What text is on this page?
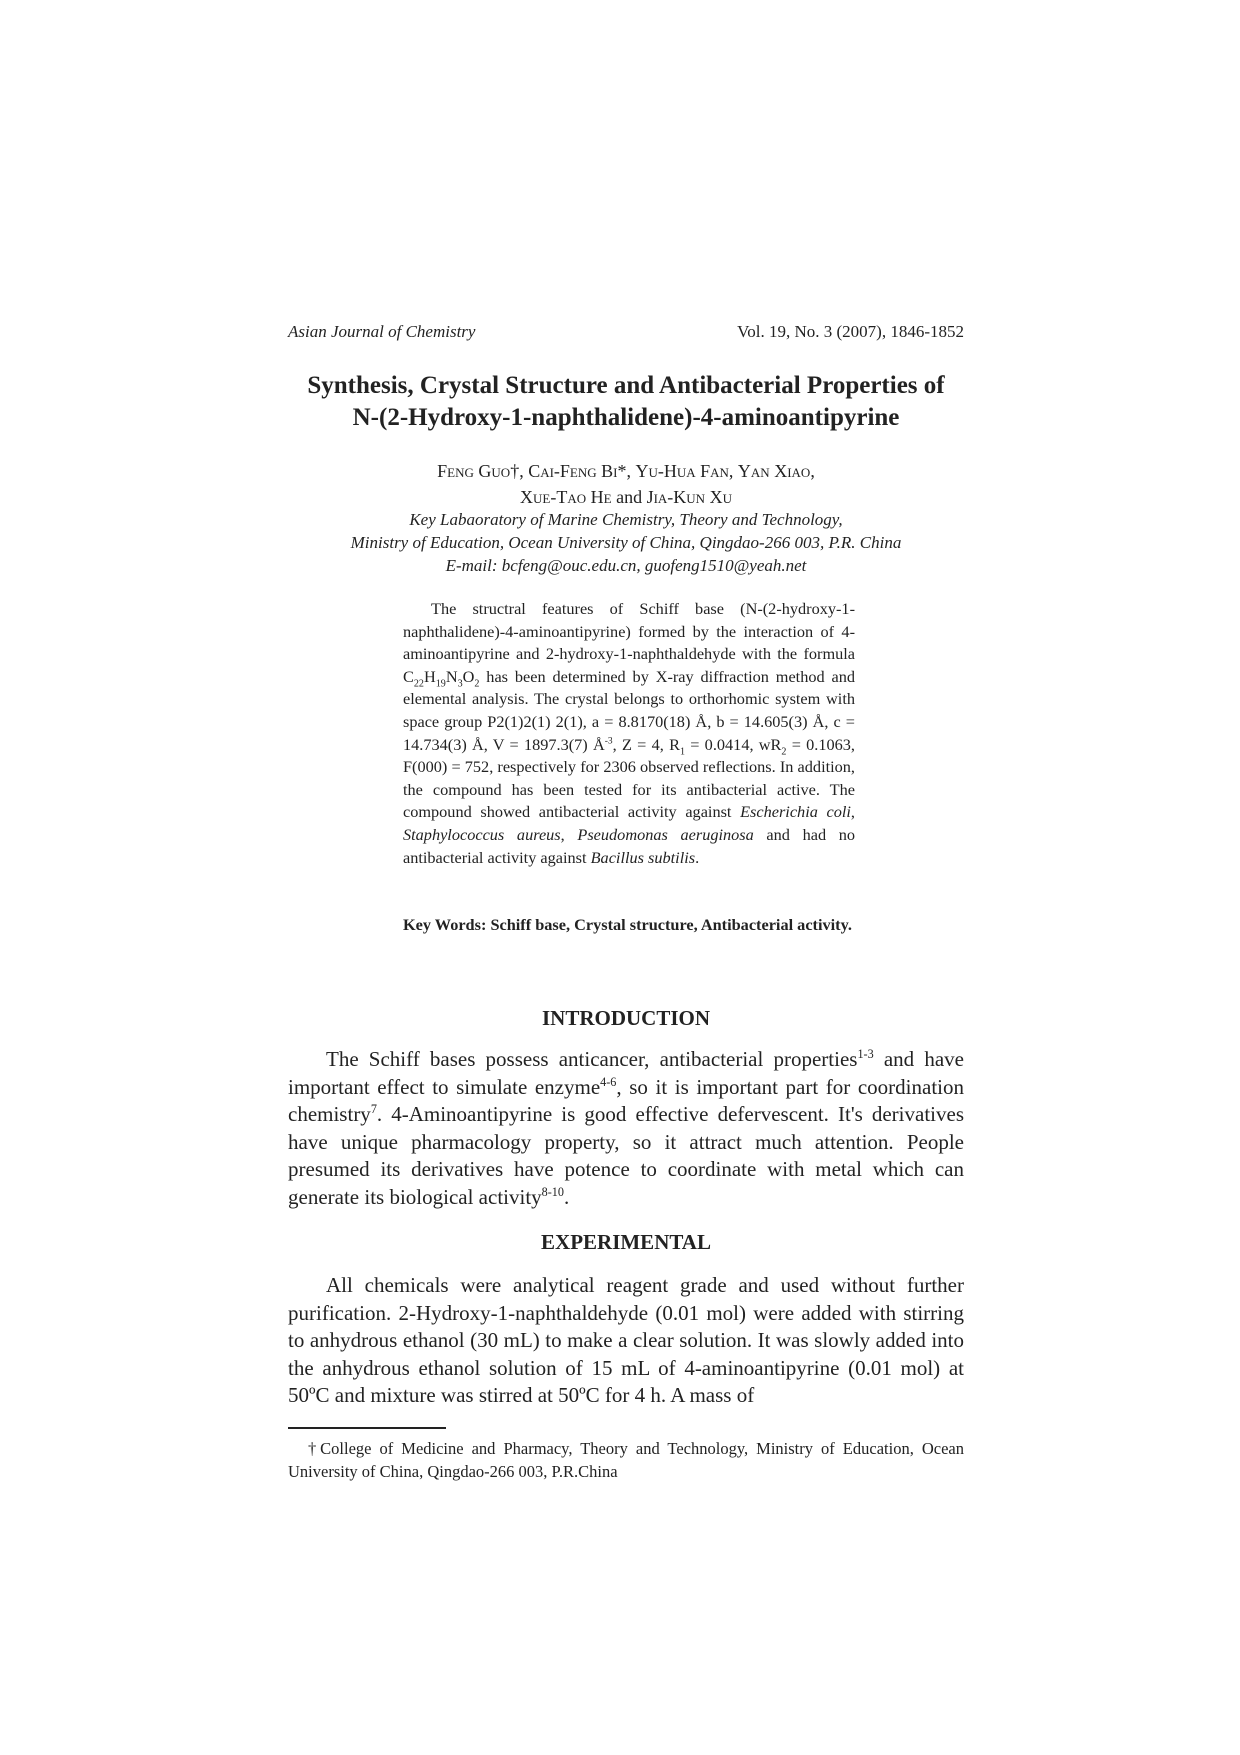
Asian Journal of Chemistry	Vol. 19, No. 3 (2007), 1846-1852
Synthesis, Crystal Structure and Antibacterial Properties of
N-(2-Hydroxy-1-naphthalidene)-4-aminoantipyrine
Feng Guo†, Cai-Feng Bi*, Yu-Hua Fan, Yan Xiao,
Xue-Tao He and Jia-Kun Xu
Key Labaoratory of Marine Chemistry, Theory and Technology,
Ministry of Education, Ocean University of China, Qingdao-266 003, P.R. China
E-mail: bcfeng@ouc.edu.cn, guofeng1510@yeah.net

The structral features of Schiff base (N-(2-hydroxy-1-naphthalidene)-4-aminoantipyrine) formed by the interaction of 4-aminoantipyrine and 2-hydroxy-1-naphthaldehyde with the formula $C_{22}H_{19}N_3O_2$ has been determined by X-ray diffraction method and elemental analysis. The crystal belongs to orthorhomic system with space group P2(1)2(1) 2(1), a = 8.8170(18) Å, b = 14.605(3) Å, c = 14.734(3) Å, V = 1897.3(7) $Å^{-3}$, Z = 4, $R_1 = 0.0414$, $wR_2 = 0.1063$, F(000) = 752, respectively for 2306 observed reflections. In addition, the compound has been tested for its antibacterial active. The compound showed antibacterial activity against Escherichia coli, Staphylococcus aureus, Pseudomonas aeruginosa and had no antibacterial activity against Bacillus subtilis.

Key Words: Schiff base, Crystal structure, Antibacterial activity.
INTRODUCTION

The Schiff bases possess anticancer, antibacterial properties$^{1-3}$ and have important effect to simulate enzyme$^{4-6}$, so it is important part for coordination chemistry$^7$. 4-Aminoantipyrine is good effective defervescent. It's derivatives have unique pharmacology property, so it attract much attention. People presumed its derivatives have potence to coordinate with metal which can generate its biological activity$^{8-10}$.

EXPERIMENTAL

All chemicals were analytical reagent grade and used without further purification. 2-Hydroxy-1-naphthaldehyde (0.01 mol) were added with stirring to anhydrous ethanol (30 mL) to make a clear solution. It was slowly added into the anhydrous ethanol solution of 15 mL of 4-aminoantipyrine (0.01 mol) at 50ºC and mixture was stirred at 50ºC for 4 h. A mass of

†College of Medicine and Pharmacy, Theory and Technology, Ministry of Education, Ocean University of China, Qingdao-266 003, P.R.China
